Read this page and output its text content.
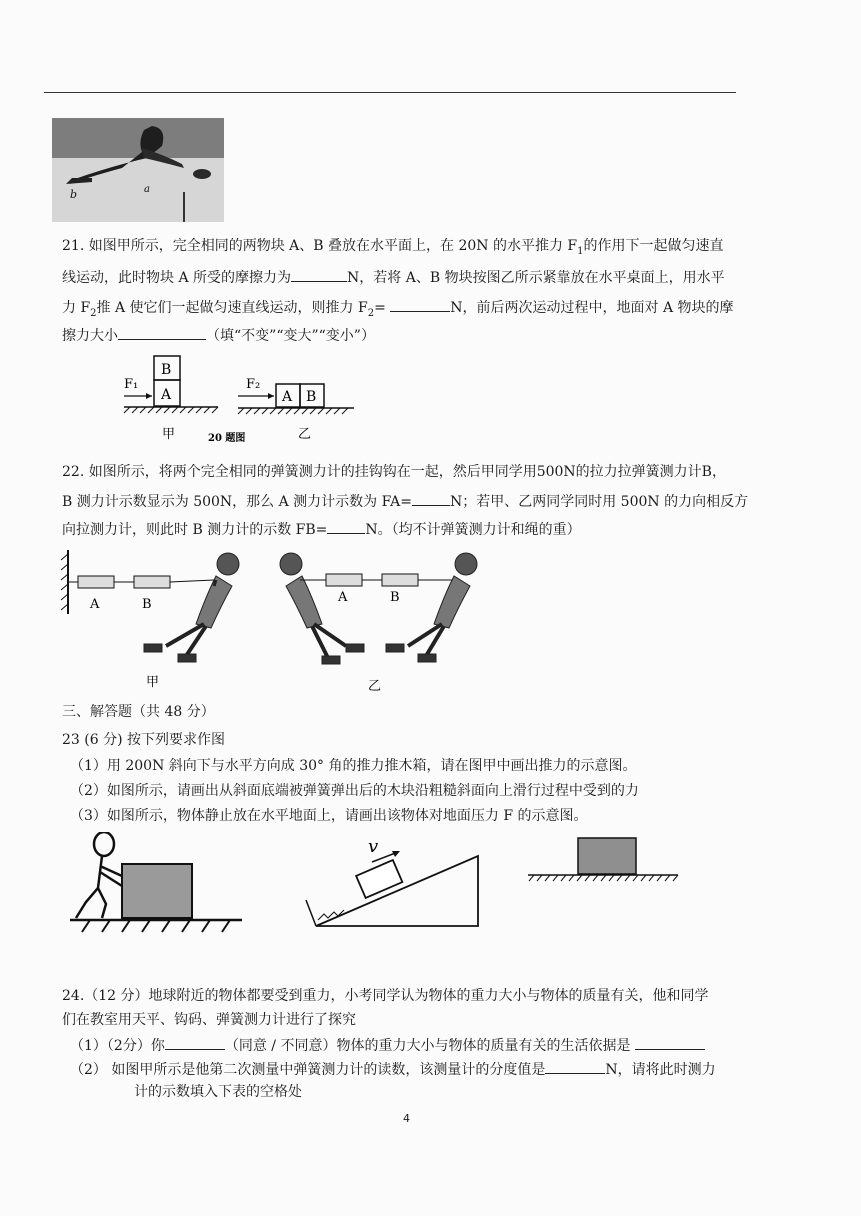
b	a
21. 如图甲所示，完全相同的两物块 A、B 叠放在水平面上，在 20N 的水平推力 $F_1$的作用下一起做匀速直
线运动，此时物块 A 所受的摩擦力为	N，若将 A、B 物块按图乙所示紧靠放在水平桌面上，用水平
力 $F_2$推 A 使它们一起做匀速直线运动，则推力 $F_2=$	N，前后两次运动过程中，地面对 A 物块的摩
擦力大小	（填“不变”“变大”“变小”）
B
A
F₁
A B
F₂
甲	20 题图	乙
22. 如图所示，将两个完全相同的弹簧测力计的挂钩钩在一起，然后甲同学用500N的拉力拉弹簧测力计B，
B 测力计示数显示为 500N，那么 A 测力计示数为 FA=	N；若甲、乙两同学同时用 500N 的力向相反方
向拉测力计，则此时 B 测力计的示数 FB=	N。（均不计弹簧测力计和绳的重）
A	B
甲
A	B
乙
三、解答题（共 48 分）
23 (6 分) 按下列要求作图
（1）用 200N 斜向下与水平方向成 30° 角的推力推木箱，请在图甲中画出推力的示意图。
（2）如图所示，请画出从斜面底端被弹簧弹出后的木块沿粗糙斜面向上滑行过程中受到的力
（3）如图所示，物体静止放在水平地面上，请画出该物体对地面压力 F 的示意图。
v
24.（12 分）地球附近的物体都要受到重力，小考同学认为物体的重力大小与物体的质量有关，他和同学
们在教室用天平、钩码、弹簧测力计进行了探究
（1）（2分）你	（同意 / 不同意）物体的重力大小与物体的质量有关的生活依据是
（2） 如图甲所示是他第二次测量中弹簧测力计的读数，该测量计的分度值是	N，请将此时测力
计的示数填入下表的空格处
4
